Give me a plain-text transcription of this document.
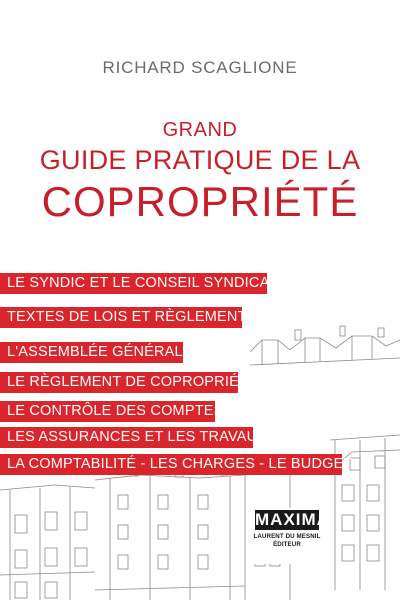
RICHARD SCAGLIONE
GRAND
GUIDE PRATIQUE DE LA
COPROPRIÉTÉ
LE SYNDIC ET LE CONSEIL SYNDICAL
TEXTES DE LOIS ET RÈGLEMENTS
L'ASSEMBLÉE GÉNÉRALE
LE RÈGLEMENT DE COPROPRIÉTÉ
LE CONTRÔLE DES COMPTES
LES ASSURANCES ET LES TRAVAUX
LA COMPTABILITÉ - LES CHARGES - LE BUDGET
MAXIMA
LAURENT DU MESNIL ÉDITEUR
